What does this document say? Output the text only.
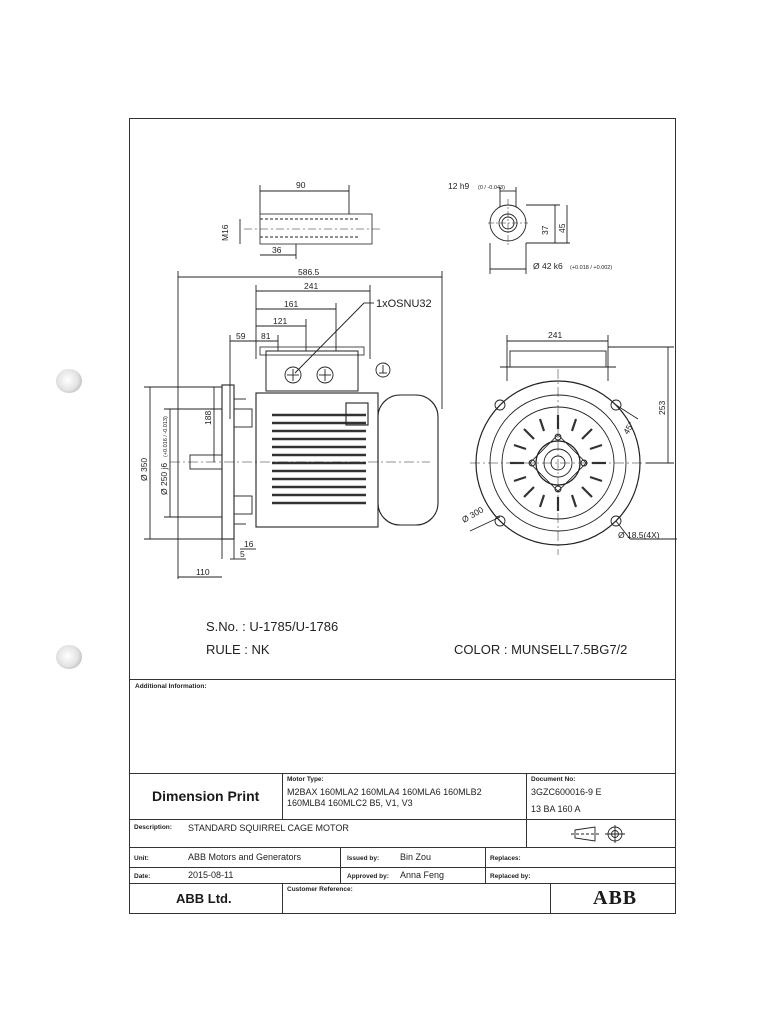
90
36
M16
12 h9 (0 / -0.043)
37 45
Ø 42 k6 (+0.018 / +0.002)
586.5
241
161
121
81
59
1xOSNU32
188
Ø 350 Ø 250 j6
(+0.016 / -0.013)
16
5
110
241
253
45°
Ø 300
Ø 18.5(4X)
S.No. : U-1785/U-1786
RULE : NK	COLOR : MUNSELL7.5BG7/2
Additional Information:
Dimension Print
Motor Type:
M2BAX 160MLA2 160MLA4 160MLA6 160MLB2
160MLB4 160MLC2 B5, V1, V3
Document No:
3GZC600016-9 E
13 BA 160 A
Description: STANDARD SQUIRREL CAGE MOTOR
Unit:	ABB Motors and Generators	Issued by: Bin Zou	Replaces:
Date:	2015-08-11	Approved by: Anna Feng	Replaced by:
ABB Ltd.
Customer Reference:	ABB
